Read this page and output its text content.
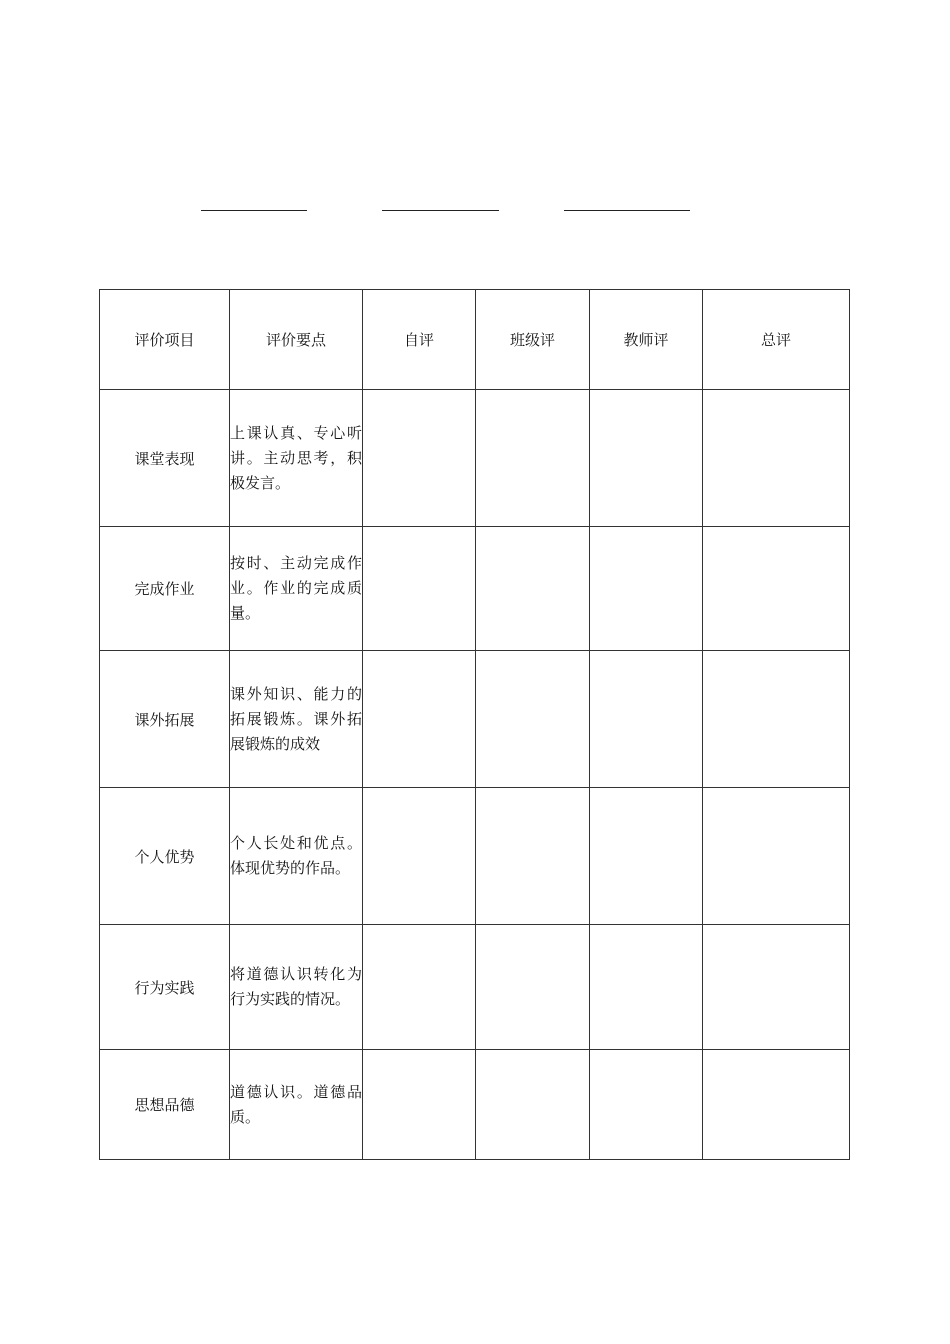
评价项目	评价要点	自评	班级评	教师评	总评
课堂表现	上课认真、专心听讲。主动思考，积极发言。				
完成作业	按时、主动完成作业。作业的完成质量。				
课外拓展	课外知识、能力的拓展锻炼。课外拓展锻炼的成效				
个人优势	个人长处和优点。体现优势的作品。				
行为实践	将道德认识转化为行为实践的情况。				
思想品德	道德认识。道德品质。				
